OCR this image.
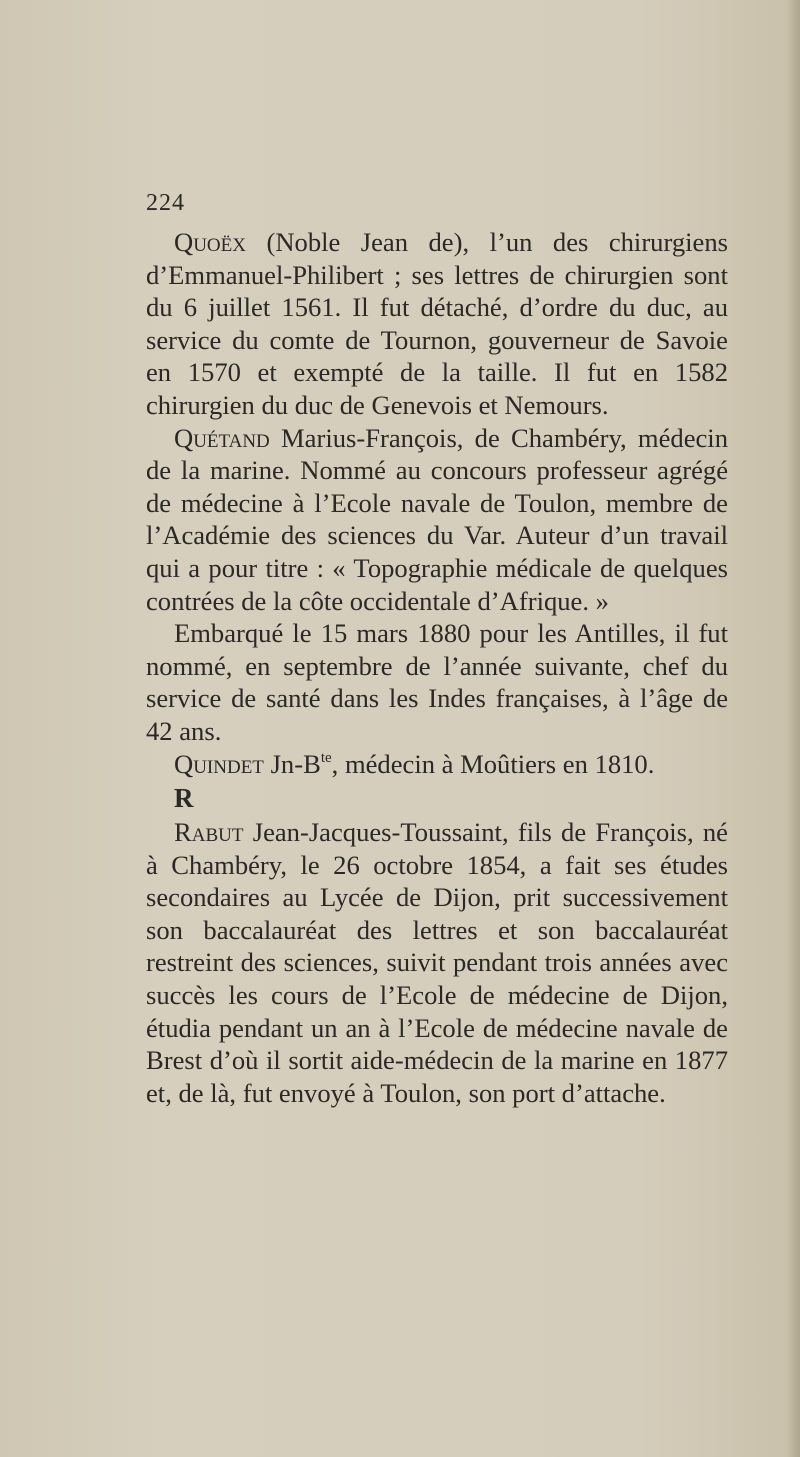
224

Quoëx (Noble Jean de), l’un des chirurgiens d’Emmanuel-Philibert ; ses lettres de chirurgien sont du 6 juillet 1561. Il fut détaché, d’ordre du duc, au service du comte de Tournon, gouverneur de Savoie en 1570 et exempté de la taille. Il fut en 1582 chirurgien du duc de Genevois et Nemours.

Quétand Marius-François, de Chambéry, médecin de la marine. Nommé au concours professeur agrégé de médecine à l’Ecole navale de Toulon, membre de l’Académie des sciences du Var. Auteur d’un travail qui a pour titre : « Topographie médicale de quelques contrées de la côte occidentale d’Afrique. »

Embarqué le 15 mars 1880 pour les Antilles, il fut nommé, en septembre de l’année suivante, chef du service de santé dans les Indes françaises, à l’âge de 42 ans.

Quindet $Jn-B^{te}$, médecin à Moûtiers en 1810.

R

Rabut Jean-Jacques-Toussaint, fils de François, né à Chambéry, le 26 octobre 1854, a fait ses études secondaires au Lycée de Dijon, prit successivement son baccalauréat des lettres et son baccalauréat restreint des sciences, suivit pendant trois années avec succès les cours de l’Ecole de médecine de Dijon, étudia pendant un an à l’Ecole de médecine navale de Brest d’où il sortit aide-médecin de la marine en 1877 et, de là, fut envoyé à Toulon, son port d’attache.
